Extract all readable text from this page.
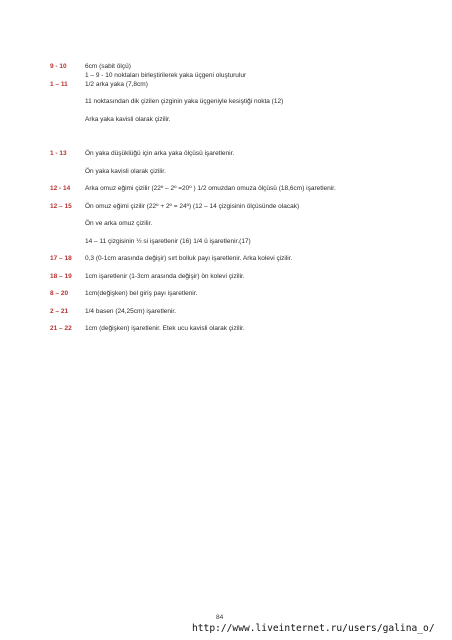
9 - 10	6cm (sabit ölçü)
1 – 9 - 10 noktaları birleştirilerek yaka üçgeni oluşturulur
1 – 11	1/2 arka yaka (7,8cm)
11 noktasından dik çizilen çizginin yaka üçgeniyle kesiştiği nokta (12)
Arka yaka kavisli olarak çizilir.
1 - 13	Ön yaka düşüklüğü için arka yaka ölçüsü işaretlenir.
Ön yaka kavisli olarak çizilir.
12 - 14 Arka omuz eğimi çizilir (22º – 2º =20º ) 1/2 omuzdan omuza ölçüsü (18,6cm) işaretlenir.
12 – 15 Ön omuz eğimi çizilir (22º + 2º = 24º) (12 – 14 çizgisinin ölçüsünde olacak)
Ön ve arka omuz çizilir.
14 – 11 çizgisinin ½ si işaretlenir (16) 1/4 ü işaretlenir.(17)
17 – 18 0,3 (0-1cm arasında değişir) sırt bolluk payı işaretlenir. Arka kolevi çizilir.
18 – 19 1cm işaretlenir (1-3cm arasında değişir) ön kolevi çizilir.
8 – 20	1cm(değişken) bel giriş payı işaretlenir.
2 – 21	1/4 basen (24,25cm) işaretlenir.
21 – 22 1cm (değişken) işaretlenir. Etek ucu kavisli olarak çizilir.
84
http://www.liveinternet.ru/users/galina_o/
